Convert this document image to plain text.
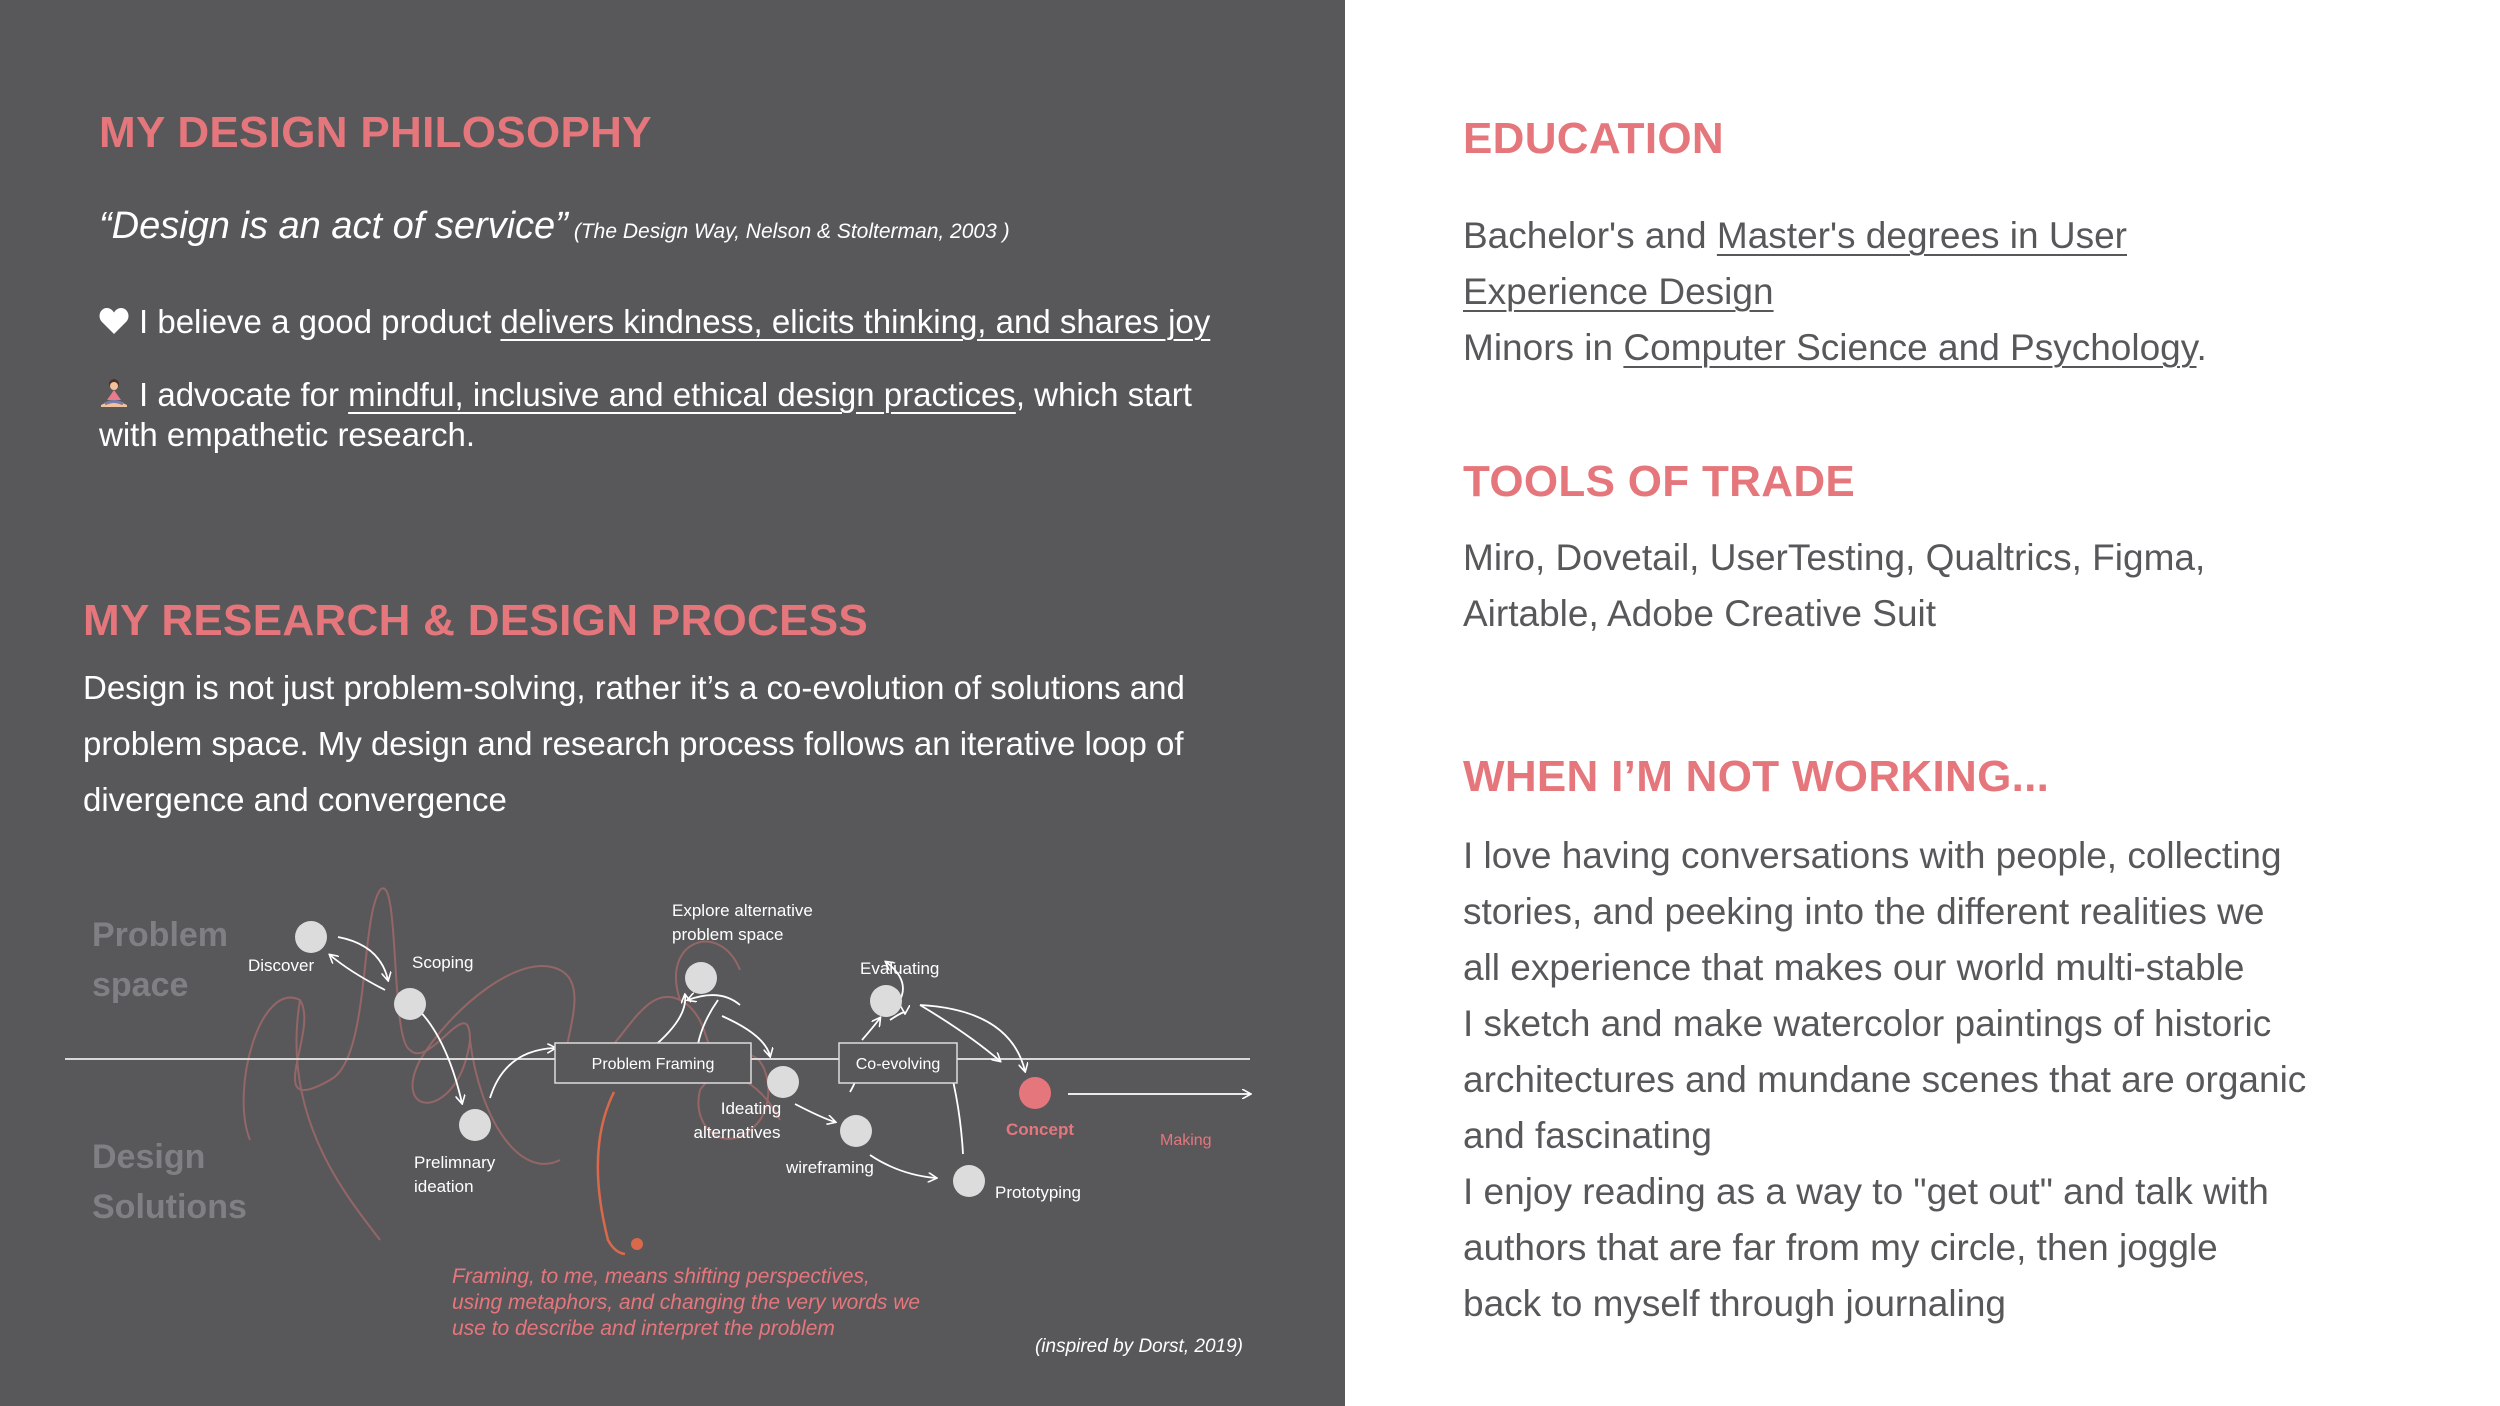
MY DESIGN PHILOSOPHY
“Design is an act of service” (The Design Way, Nelson & Stolterman, 2003 )
I believe a good product delivers kindness, elicits thinking, and shares joy
I advocate for mindful, inclusive and ethical design practices, which start with empathetic research.
MY RESEARCH & DESIGN PROCESS

Design is not just problem-solving, rather it’s a co-evolution of solutions and problem space. My design and research process follows an iterative loop of divergence and convergence

Problem
space
Design
Solutions
Problem Framing	Co-evolving
Discover	Scoping
Prelimnary
ideation
Explore alternative
problem space
Ideating
alternatives
wireframing
Evaluating
Prototyping
Concept
Making
Framing, to me, means shifting perspectives,
using metaphors, and changing the very words we
use to describe and interpret the problem
(inspired by Dorst, 2019)
EDUCATION
Bachelor's and Master's degrees in User
Experience Design
Minors in Computer Science and Psychology.
TOOLS OF TRADE
Miro, Dovetail, UserTesting, Qualtrics, Figma,
Airtable, Adobe Creative Suit
WHEN I’M NOT WORKING...
I love having conversations with people, collecting
stories, and peeking into the different realities we
all experience that makes our world multi-stable
I sketch and make watercolor paintings of historic
architectures and mundane scenes that are organic
and fascinating
I enjoy reading as a way to "get out" and talk with
authors that are far from my circle, then joggle
back to myself through journaling
